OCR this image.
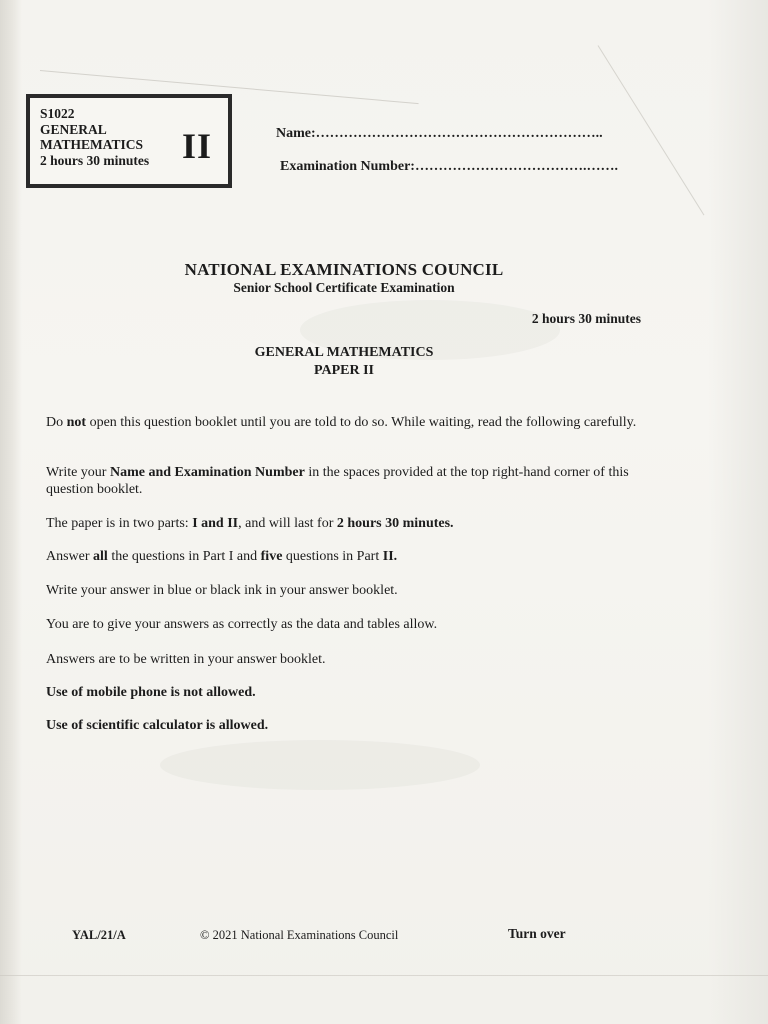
S1022
GENERAL
MATHEMATICS
2 hours 30 minutes II	Name:……………………………………………………..
Examination Number:……………………………….…….
NATIONAL EXAMINATIONS COUNCIL
Senior School Certificate Examination
2 hours 30 minutes
GENERAL MATHEMATICS
PAPER II
Do not open this question booklet until you are told to do so. While waiting, read the following carefully.
Write your Name and Examination Number in the spaces provided at the top right-hand corner of this question booklet.
The paper is in two parts: I and II, and will last for 2 hours 30 minutes.
Answer all the questions in Part I and five questions in Part II.
Write your answer in blue or black ink in your answer booklet.
You are to give your answers as correctly as the data and tables allow.
Answers are to be written in your answer booklet.
Use of mobile phone is not allowed.
Use of scientific calculator is allowed.
YAL/21/A	© 2021 National Examinations Council	Turn over
